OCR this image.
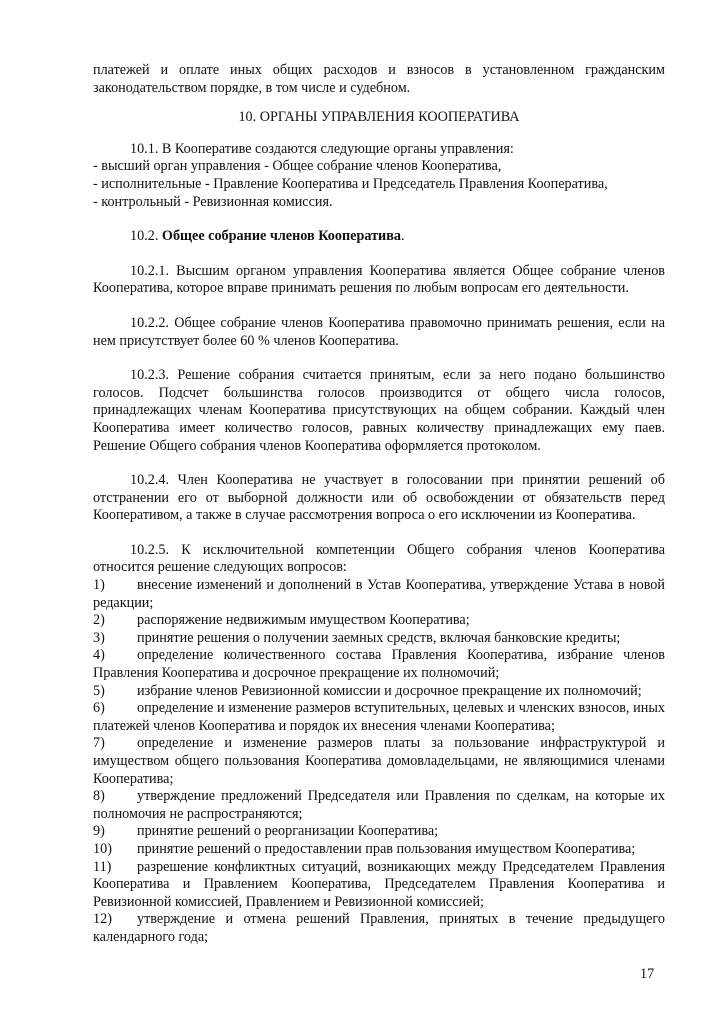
платежей и оплате иных общих расходов и взносов в установленном гражданским законодательством порядке, в том числе и судебном.

10. ОРГАНЫ УПРАВЛЕНИЯ КООПЕРАТИВА

10.1. В Кооперативе создаются следующие органы управления:

- высший орган управления - Общее собрание членов Кооператива,

- исполнительные - Правление Кооператива и Председатель Правления Кооператива,

- контрольный - Ревизионная комиссия.

10.2. Общее собрание членов Кооператива.

10.2.1. Высшим органом управления Кооператива является Общее собрание членов Кооператива, которое вправе принимать решения по любым вопросам его деятельности.

10.2.2. Общее собрание членов Кооператива правомочно принимать решения, если на нем присутствует более 60 % членов Кооператива.

10.2.3. Решение собрания считается принятым, если за него подано большинство голосов. Подсчет большинства голосов производится от общего числа голосов, принадлежащих членам Кооператива присутствующих на общем собрании. Каждый член Кооператива имеет количество голосов, равных количеству принадлежащих ему паев. Решение Общего собрания членов Кооператива оформляется протоколом.

10.2.4. Член Кооператива не участвует в голосовании при принятии решений об отстранении его от выборной должности или об освобождении от обязательств перед Кооперативом, а также в случае рассмотрения вопроса о его исключении из Кооператива.

10.2.5. К исключительной компетенции Общего собрания членов Кооператива относится решение следующих вопросов:

1) внесение изменений и дополнений в Устав Кооператива, утверждение Устава в новой редакции;

2) распоряжение недвижимым имуществом Кооператива;

3) принятие решения о получении заемных средств, включая банковские кредиты;

4) определение количественного состава Правления Кооператива, избрание членов Правления Кооператива и досрочное прекращение их полномочий;

5) избрание членов Ревизионной комиссии и досрочное прекращение их полномочий;

6) определение и изменение размеров вступительных, целевых и членских взносов, иных платежей членов Кооператива и порядок их внесения членами Кооператива;

7) определение и изменение размеров платы за пользование инфраструктурой и имуществом общего пользования Кооператива домовладельцами, не являющимися членами Кооператива;

8) утверждение предложений Председателя или Правления по сделкам, на которые их полномочия не распространяются;

9) принятие решений о реорганизации Кооператива;

10) принятие решений о предоставлении прав пользования имуществом Кооператива;

11) разрешение конфликтных ситуаций, возникающих между Председателем Правления Кооператива и Правлением Кооператива, Председателем Правления Кооператива и Ревизионной комиссией, Правлением и Ревизионной комиссией;

12) утверждение и отмена решений Правления, принятых в течение предыдущего календарного года;

17
